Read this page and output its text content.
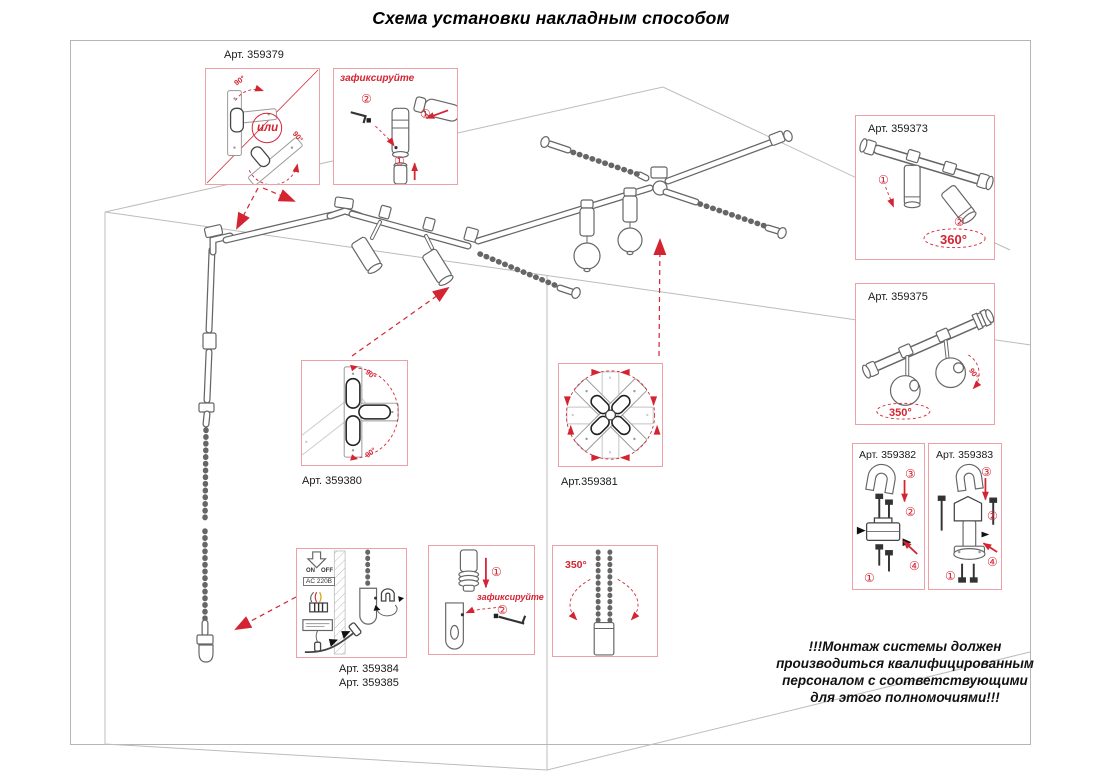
Схема установки накладным способом
Арт. 359379
90°
90°
или
зафиксируйте
②
①
①
Арт. 359373
①
②
360°
Арт. 359375
350°
90°
Арт. 359382
③
②
④
①
Арт. 359383
③
②
④
①
90°
90°
Арт. 359380	Арт.359381
ON OFF
AC 220В
Арт. 359384
Арт. 359385
①
зафиксируйте
②
350°
!!!Монтаж системы должен
производиться квалифицированным
персоналом с соответствующими
для этого полномочиями!!!
